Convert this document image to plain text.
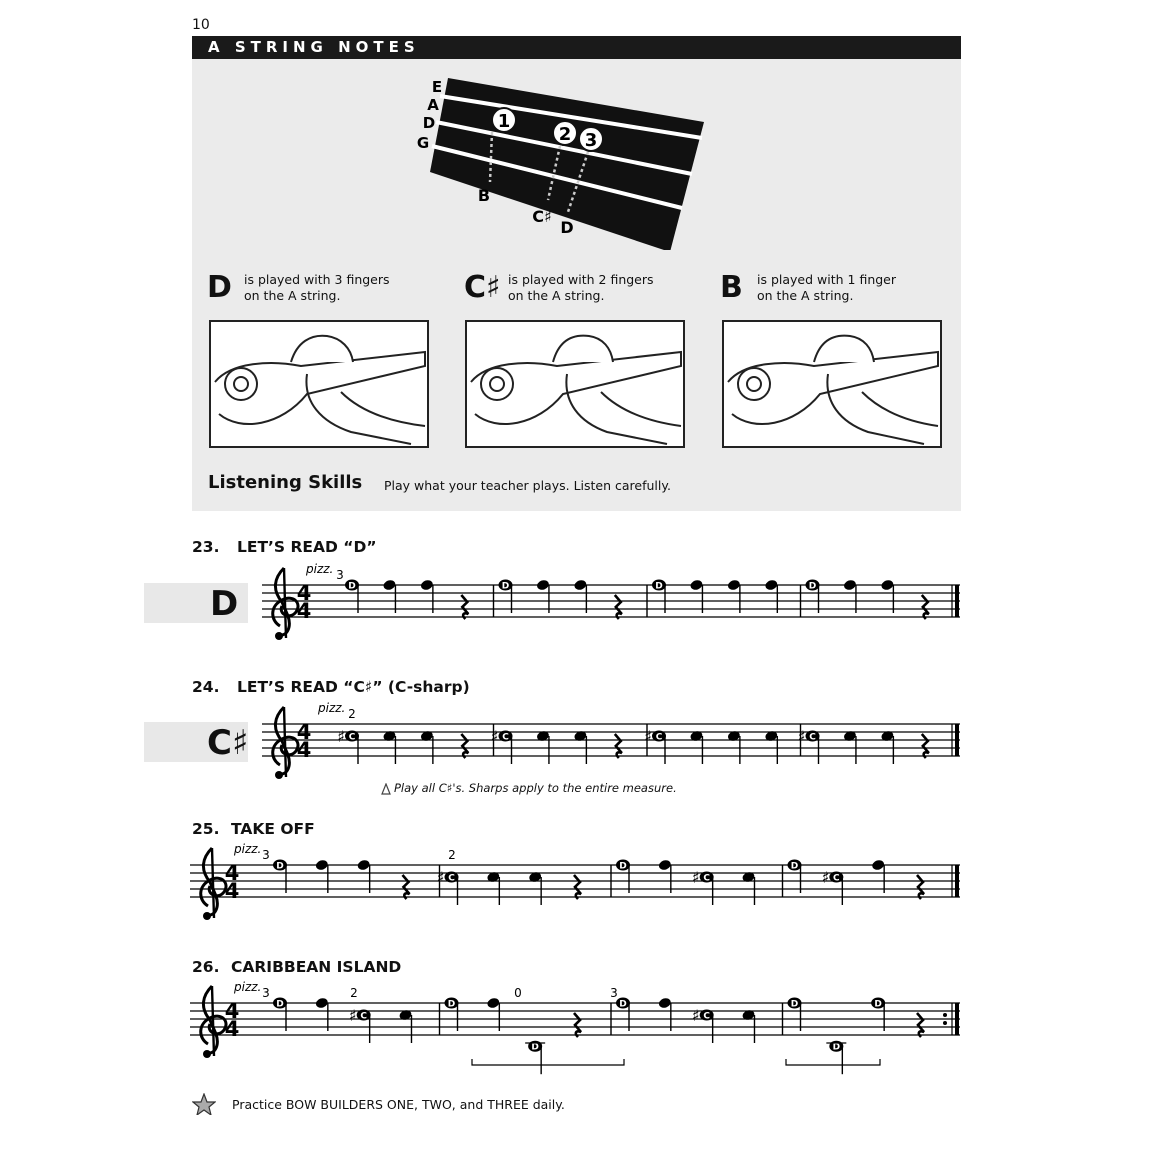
10
A STRING NOTES
E
A
D
G
1
2 3
B
C♯
D
D is played with 3 fingers
on the A string.	C♯ is played with 2 fingers
on the A string.	B is played with 1 finger
on the A string.
Listening Skills Play what your teacher plays. Listen carefully.
23. LET’S READ “D”
D	4
4
pizz. 3
D	D	D	D
24. LET’S READ “C♯” (C-sharp)
C♯ 4
4
pizz. 2
♯ C	♯ C	♯ C	♯ C
Play all C♯'s. Sharps apply to the entire measure.
25. TAKE OFF
4
4
pizz. 3	2
D
♯ C
D
♯ C
D
♯ C
26. CARIBBEAN ISLAND
4
4
pizz. 3	2	0	3
D
♯ C
D
D
D
♯ C
D
D
D
Practice BOW BUILDERS ONE, TWO, and THREE daily.
